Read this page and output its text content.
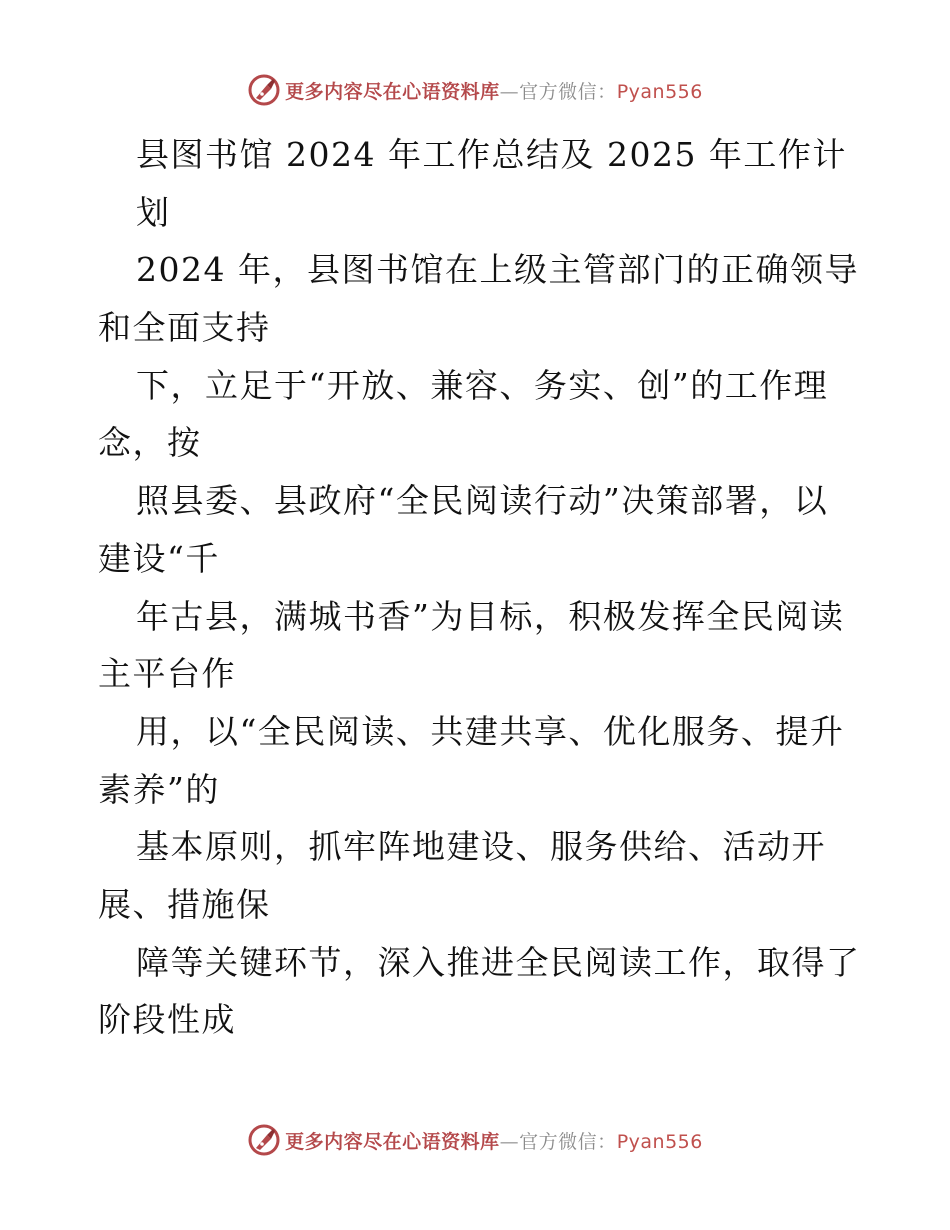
更多内容尽在心语资料库—官方微信：Pyan556
县图书馆 2024 年工作总结及 2025 年工作计
划
2024 年，县图书馆在上级主管部门的正确领导
和全面支持
下，立足于“开放、兼容、务实、创”的工作理
念，按
照县委、县政府“全民阅读行动”决策部署，以
建设“千
年古县，满城书香”为目标，积极发挥全民阅读
主平台作
用，以“全民阅读、共建共享、优化服务、提升
素养”的
基本原则，抓牢阵地建设、服务供给、活动开
展、措施保
障等关键环节，深入推进全民阅读工作，取得了
阶段性成
更多内容尽在心语资料库—官方微信：Pyan556
